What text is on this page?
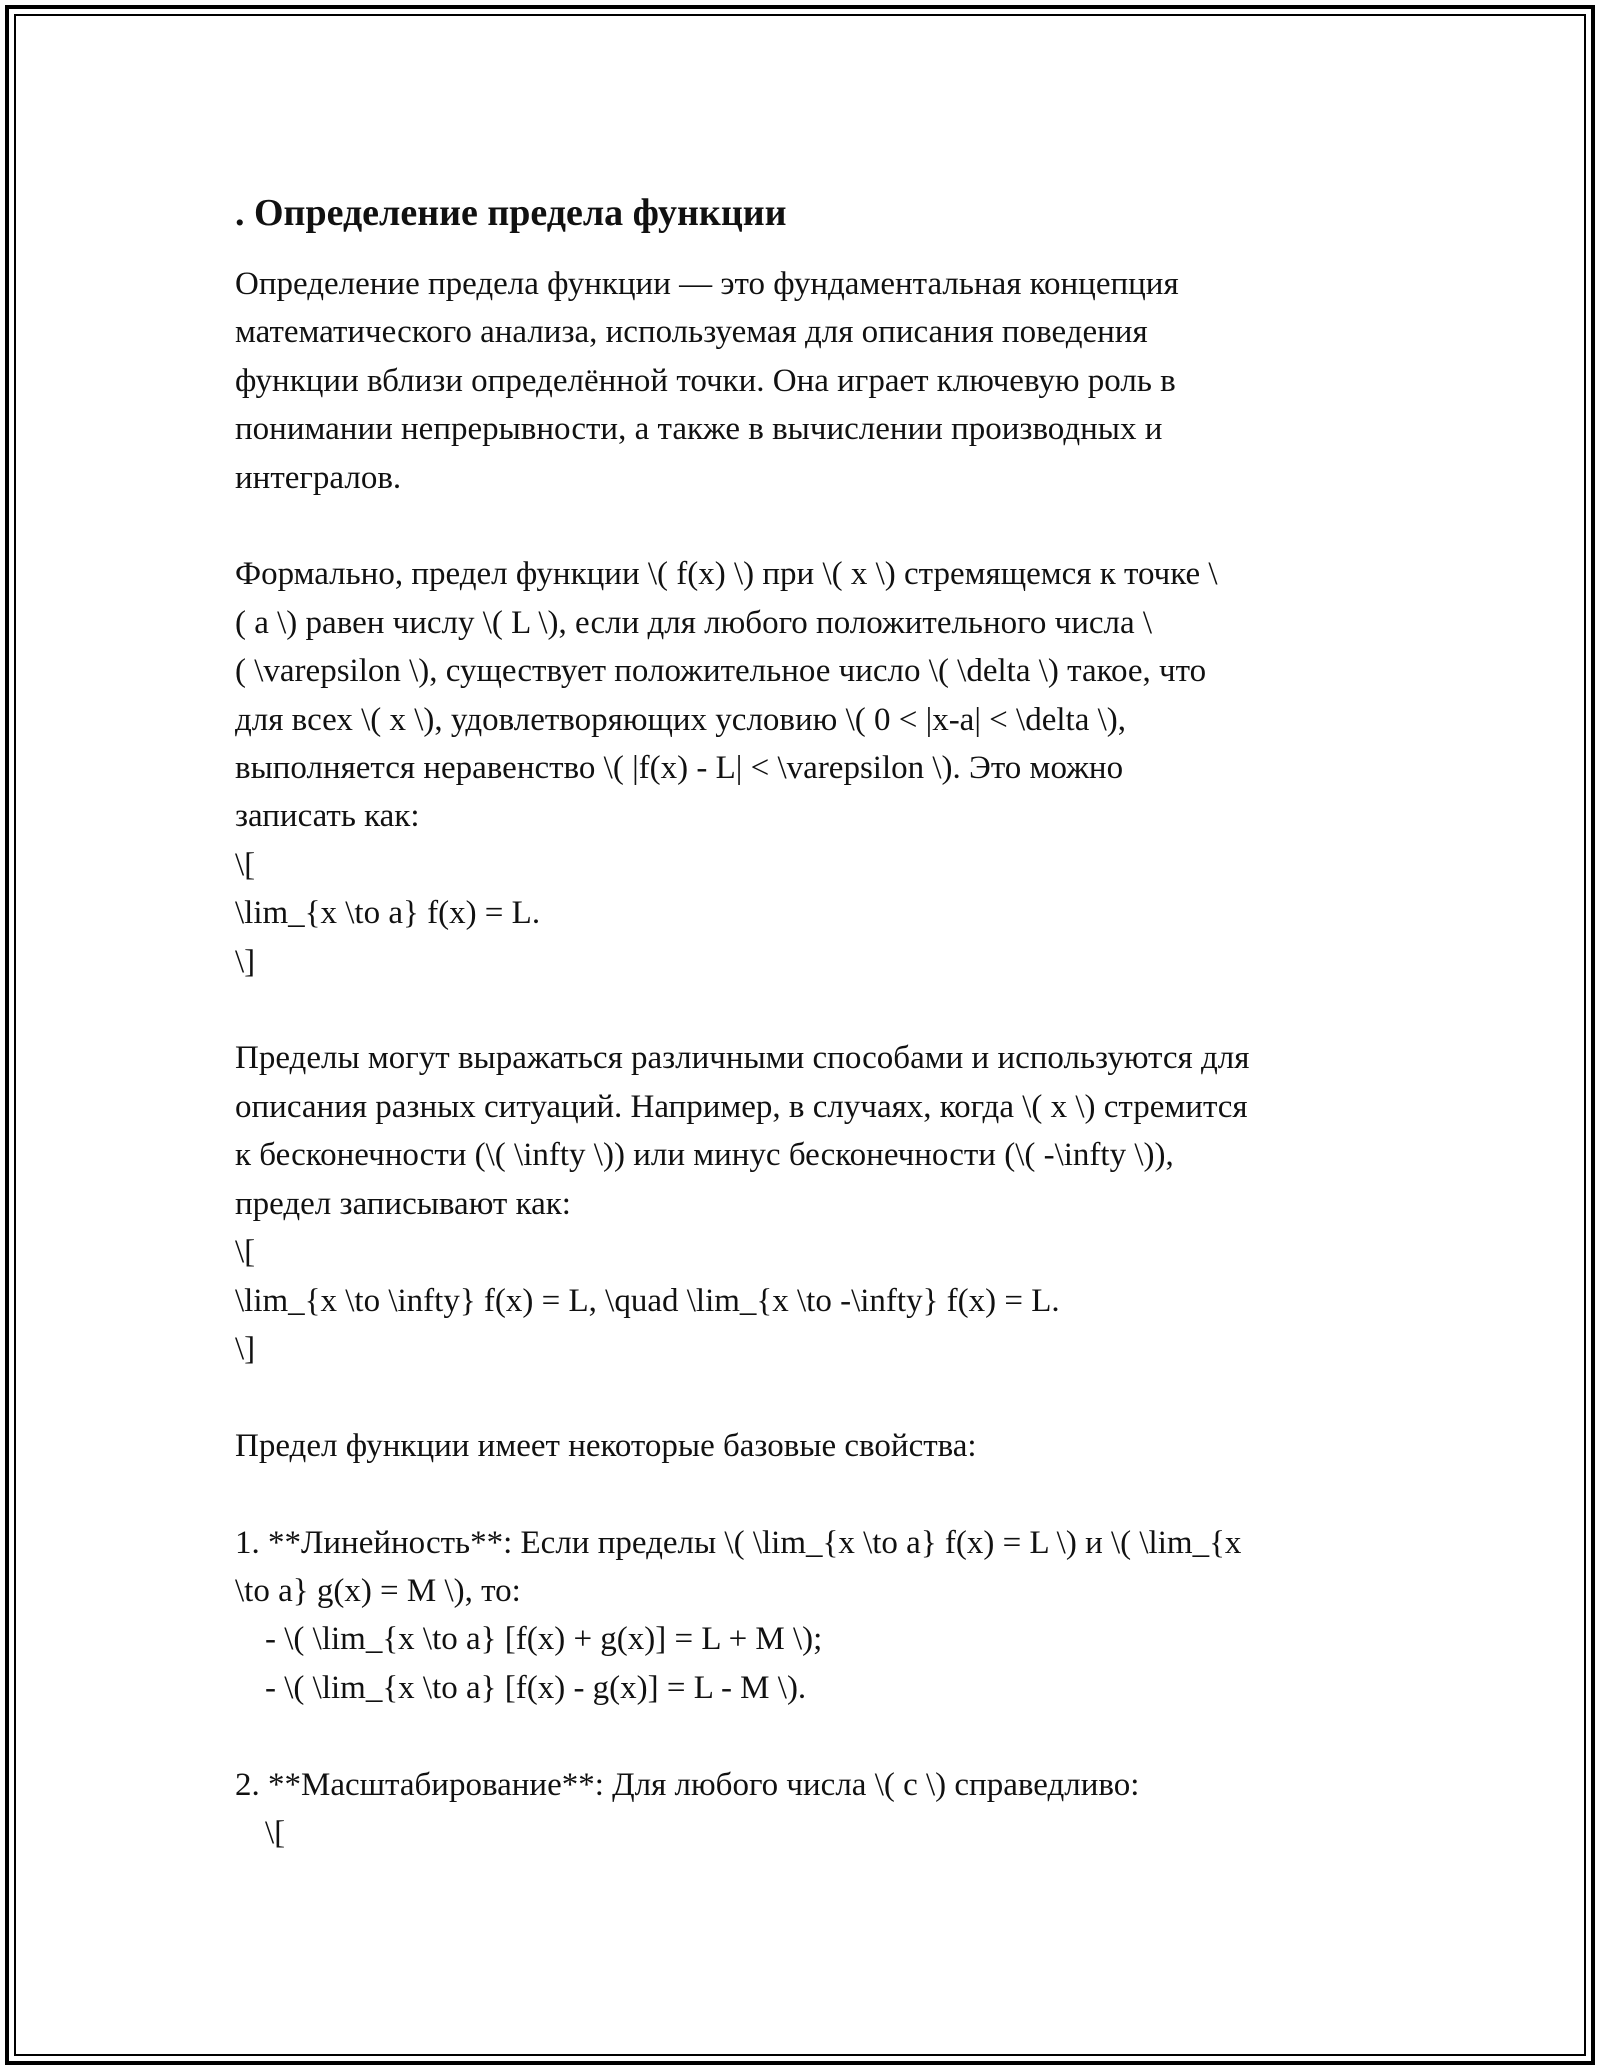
. Определение предела функции

Определение предела функции — это фундаментальная концепция

математического анализа, используемая для описания поведения

функции вблизи определённой точки. Она играет ключевую роль в

понимании непрерывности, а также в вычислении производных и

интегралов.

Формально, предел функции \( f(x) \) при \( x \) стремящемся к точке \

( a \) равен числу \( L \), если для любого положительного числа \

( \varepsilon \), существует положительное число \( \delta \) такое, что

для всех \( x \), удовлетворяющих условию \( 0 < |x-a| < \delta \),

выполняется неравенство \( |f(x) - L| < \varepsilon \). Это можно

записать как:

\[

\lim_{x \to a} f(x) = L.

\]

Пределы могут выражаться различными способами и используются для

описания разных ситуаций. Например, в случаях, когда \( x \) стремится

к бесконечности (\( \infty \)) или минус бесконечности (\( -\infty \)),

предел записывают как:

\[

\lim_{x \to \infty} f(x) = L, \quad \lim_{x \to -\infty} f(x) = L.

\]

Предел функции имеет некоторые базовые свойства:

1. **Линейность**: Если пределы \( \lim_{x \to a} f(x) = L \) и \( \lim_{x

\to a} g(x) = M \), то:

- \( \lim_{x \to a} [f(x) + g(x)] = L + M \);

- \( \lim_{x \to a} [f(x) - g(x)] = L - M \).

2. **Масштабирование**: Для любого числа \( c \) справедливо:

\[
